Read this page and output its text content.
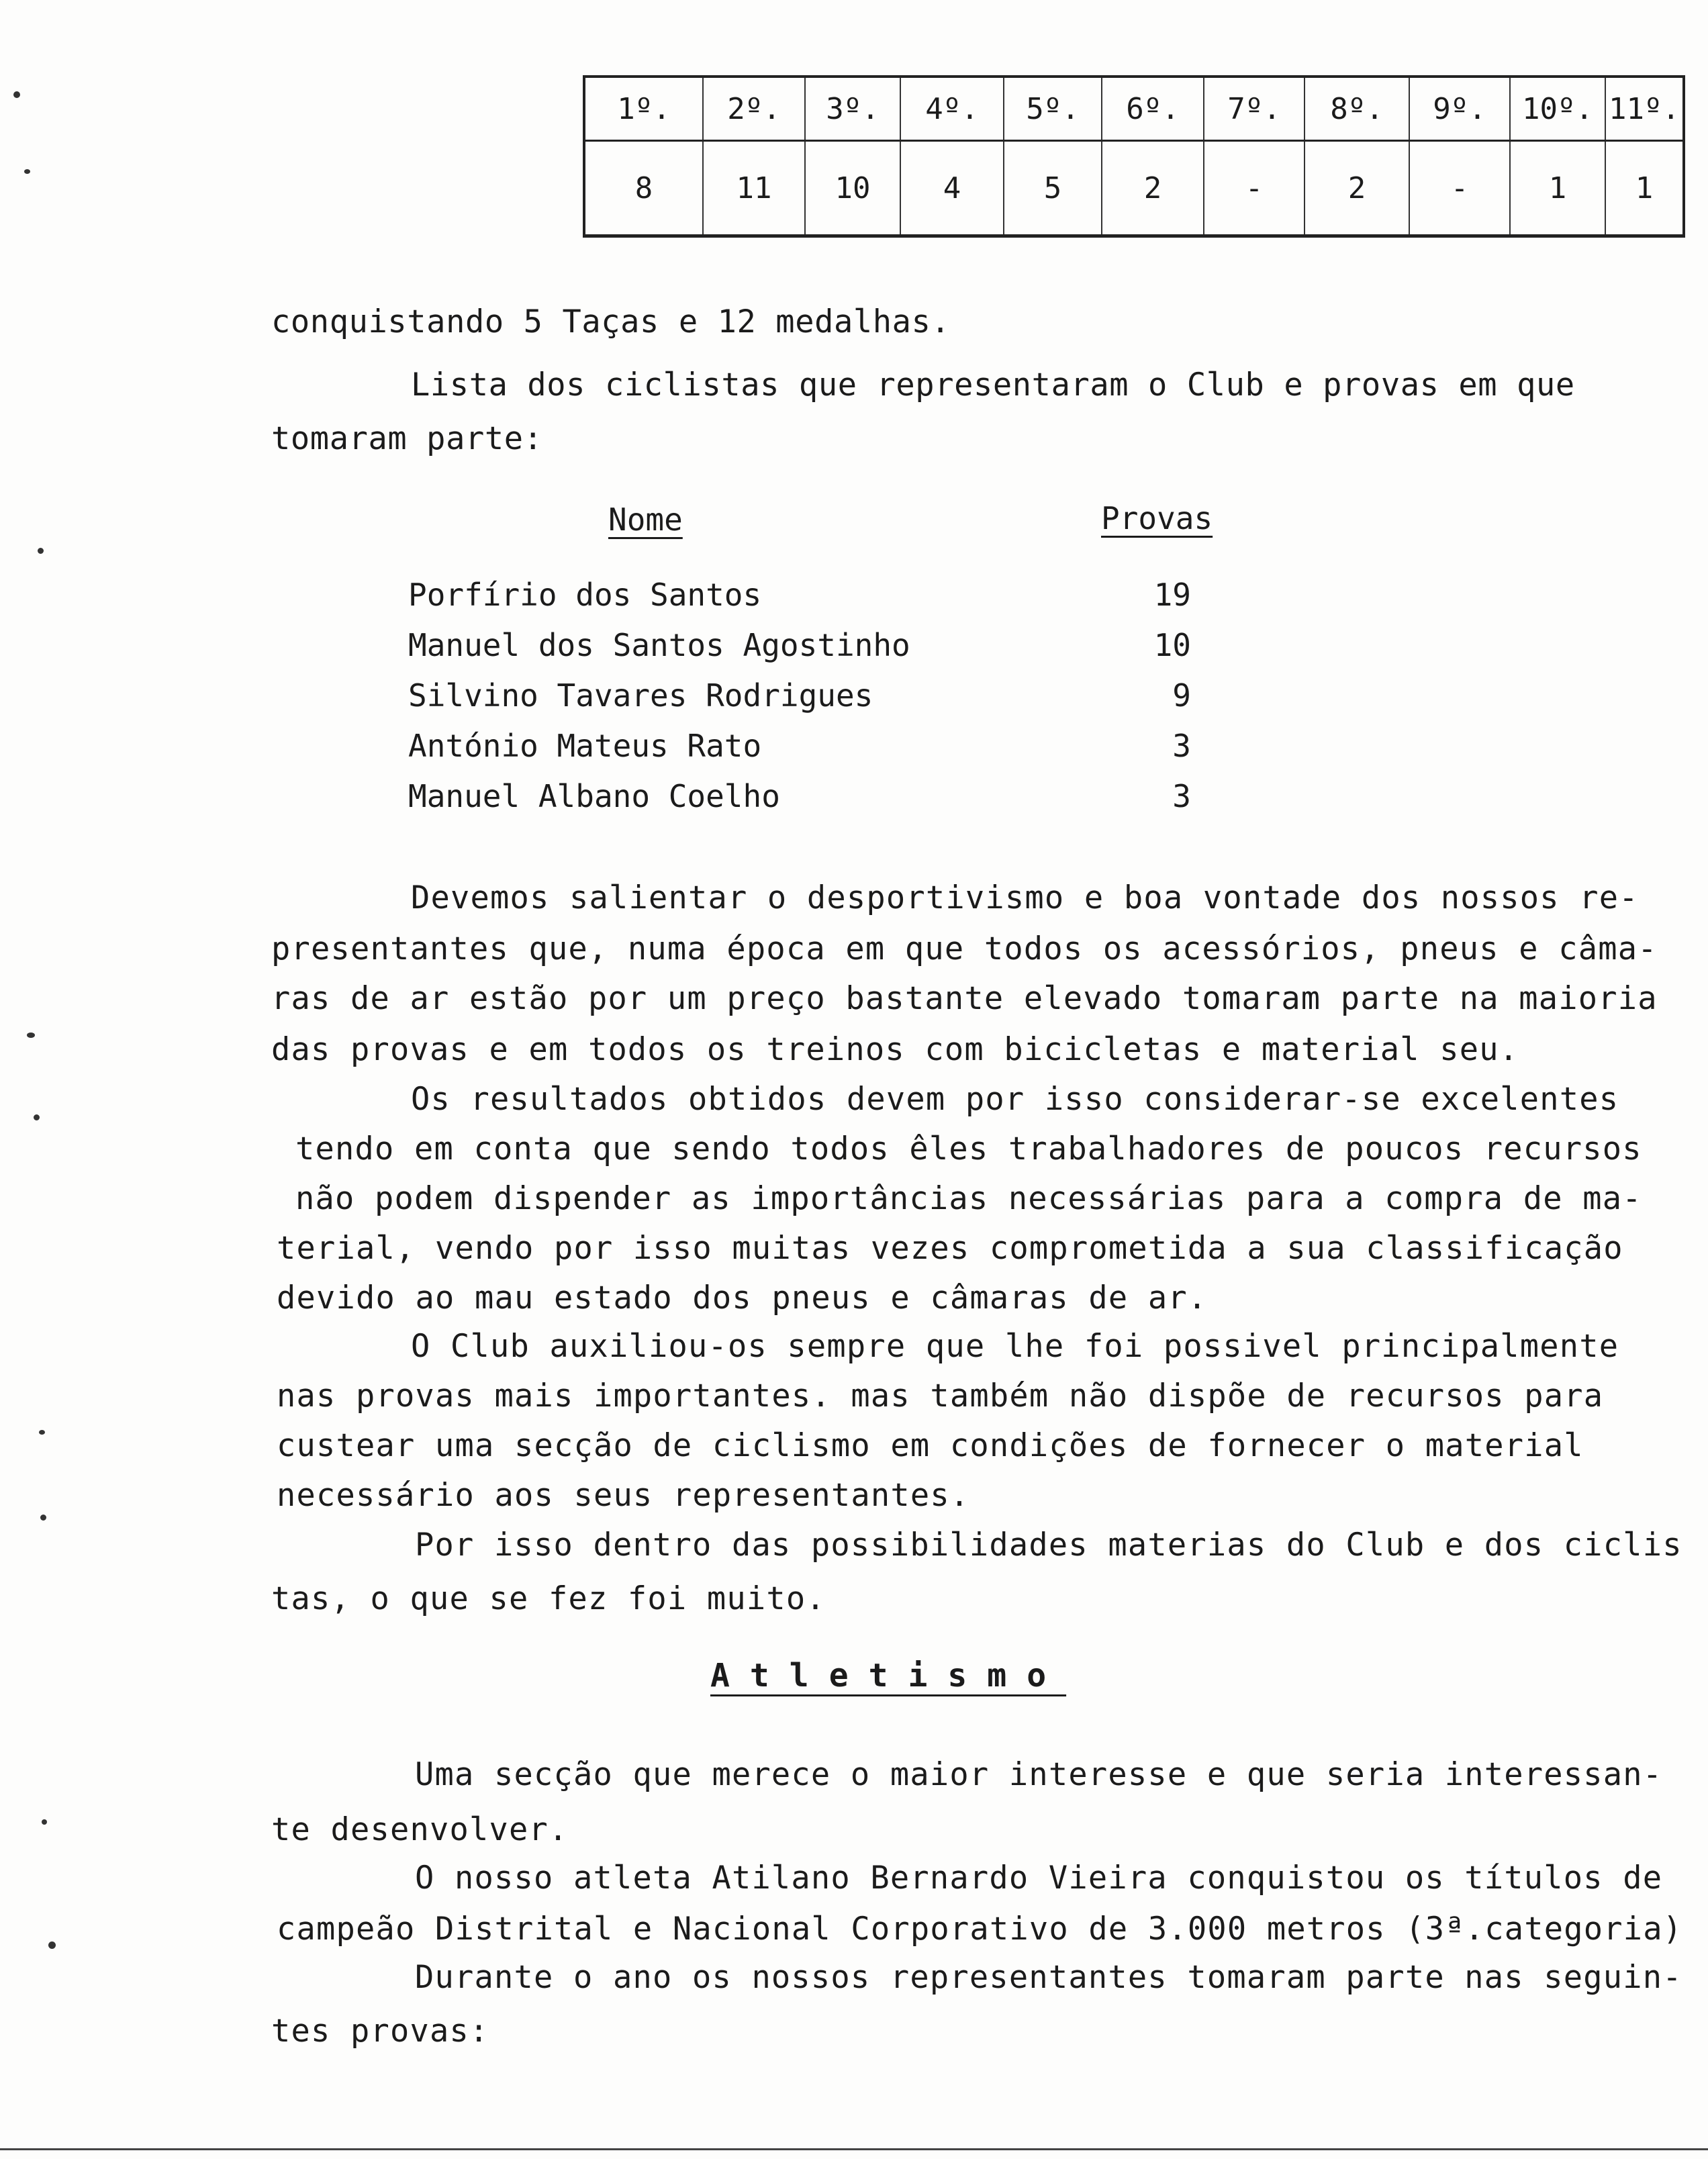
1º.	2º.	3º.	4º.	5º.	6º.	7º.	8º.	9º.	10º.	11º.
8	11	10	4	5	2	-	2	-	1	1
conquistando 5 Taças e 12 medalhas.
Lista dos ciclistas que representaram o Club e provas em que
tomaram parte:
Nome	Provas
Porfírio dos Santos	19
Manuel dos Santos Agostinho	10
Silvino Tavares Rodrigues	9
António Mateus Rato	3
Manuel Albano Coelho	3
Devemos salientar o desportivismo e boa vontade dos nossos re-
presentantes que, numa época em que todos os acessórios, pneus e câma-
ras de ar estão por um preço bastante elevado tomaram parte na maioria
das provas e em todos os treinos com bicicletas e material seu.
Os resultados obtidos devem por isso considerar-se excelentes
tendo em conta que sendo todos êles trabalhadores de poucos recursos
não podem dispender as importâncias necessárias para a compra de ma-
terial, vendo por isso muitas vezes comprometida a sua classificação
devido ao mau estado dos pneus e câmaras de ar.
O Club auxiliou-os sempre que lhe foi possivel principalmente
nas provas mais importantes. mas também não dispõe de recursos para
custear uma secção de ciclismo em condições de fornecer o material
necessário aos seus representantes.
Por isso dentro das possibilidades materias do Club e dos ciclis
tas, o que se fez foi muito.
Atletismo
Uma secção que merece o maior interesse e que seria interessan-
te desenvolver.
O nosso atleta Atilano Bernardo Vieira conquistou os títulos de
campeão Distrital e Nacional Corporativo de 3.000 metros (3ª.categoria)
Durante o ano os nossos representantes tomaram parte nas seguin-
tes provas:
